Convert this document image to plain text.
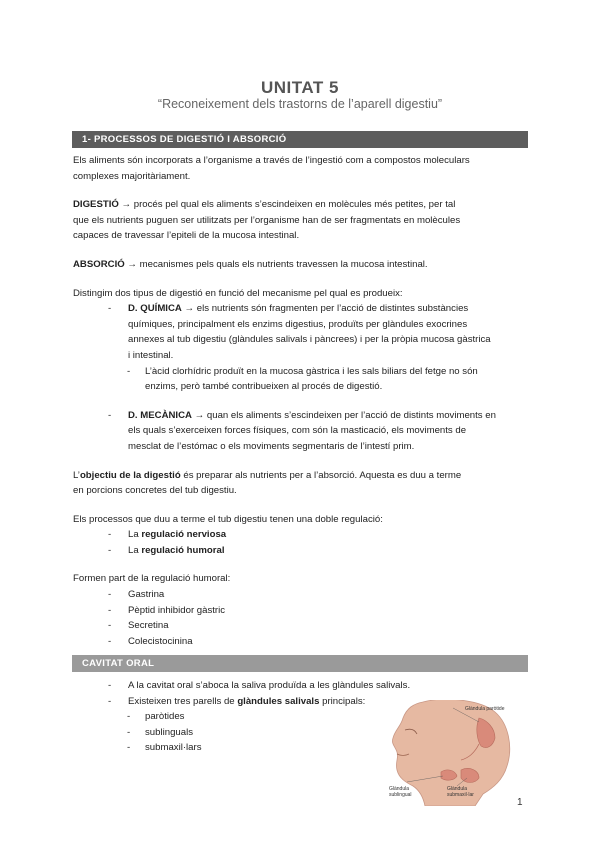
UNITAT 5
“Reconeixement dels trastorns de l’aparell digestiu”
1- PROCESSOS DE DIGESTIÓ I ABSORCIÓ

Els aliments són incorporats a l’organisme a través de l’ingestió com a compostos moleculars
complexes majoritàriament.

DIGESTIÓ → procés pel qual els aliments s’escindeixen en molècules més petites, per tal
que els nutrients puguen ser utilitzats per l’organisme han de ser fragmentats en molècules
capaces de travessar l’epiteli de la mucosa intestinal.

ABSORCIÓ → mecanismes pels quals els nutrients travessen la mucosa intestinal.

Distingim dos tipus de digestió en funció del mecanisme pel qual es produeix:

- D. QUÍMICA → els nutrients són fragmenten per l’acció de distintes substàncies
químiques, principalment els enzims digestius, produïts per glàndules exocrines
annexes al tub digestiu (glàndules salivals i pàncrees) i per la pròpia mucosa gàstrica
i intestinal.
- L’àcid clorhídric produït en la mucosa gàstrica i les sals biliars del fetge no són
enzims, però també contribueixen al procés de digestió.
- D. MECÀNICA → quan els aliments s’escindeixen per l’acció de distints moviments en
els quals s’exerceixen forces físiques, com són la masticació, els moviments de
mesclat de l’estómac o els moviments segmentaris de l’intestí prim.

L’objectiu de la digestió és preparar als nutrients per a l’absorció. Aquesta es duu a terme
en porcions concretes del tub digestiu.

Els processos que duu a terme el tub digestiu tenen una doble regulació:

- La regulació nerviosa
- La regulació humoral

Formen part de la regulació humoral:

- Gastrina
- Pèptid inhibidor gàstric
- Secretina
- Colecistocinina
CAVITAT ORAL
- A la cavitat oral s’aboca la saliva produïda a les glàndules salivals.
- Existeixen tres parells de glàndules salivals principals:
- paròtides
- sublinguals
- submaxil·lars
Glàndula paròtide
Glàndula
sublingual
Glàndula
submaxil·lar
1
